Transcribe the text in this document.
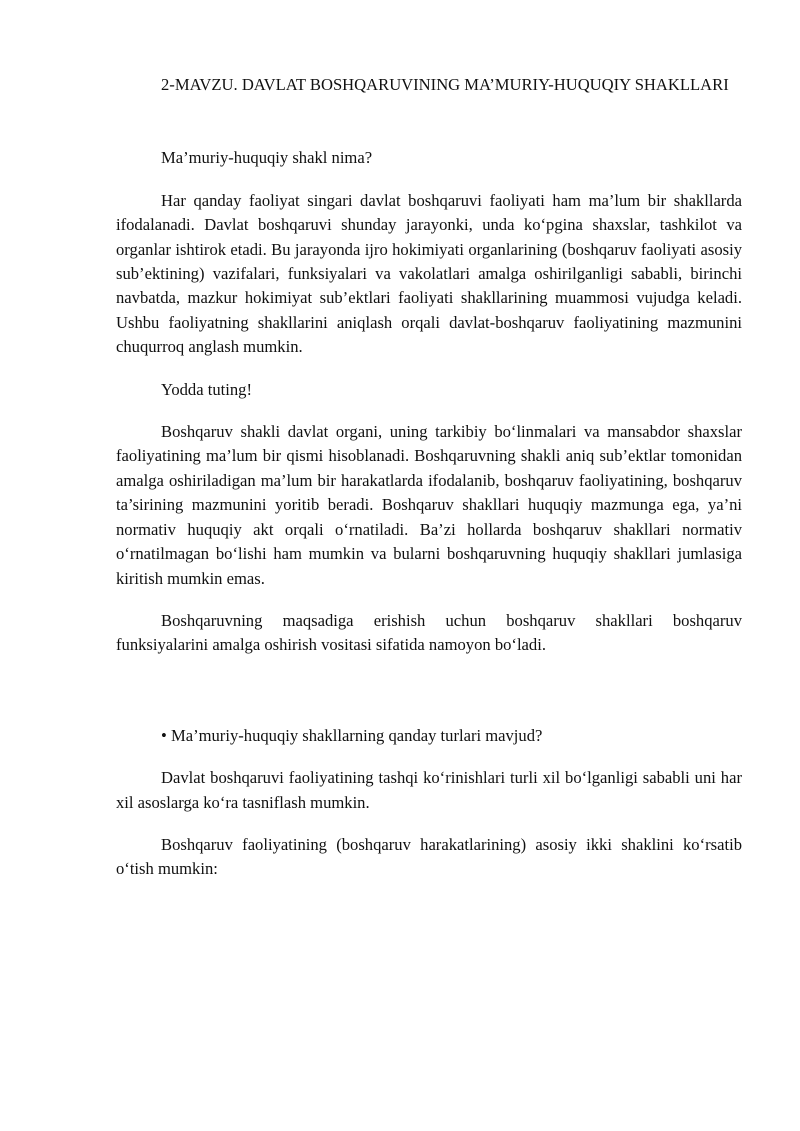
2-MAVZU. DAVLAT BOSHQARUVINING MA’MURIY-HUQUQIY SHAKLLARI

Ma’muriy-huquqiy shakl nima?

Har qanday faoliyat singari davlat boshqaruvi faoliyati ham ma’lum bir shakllarda ifodalanadi. Davlat boshqaruvi shunday jarayonki, unda ko‘pgina shaxslar, tashkilot va organlar ishtirok etadi. Bu jarayonda ijro hokimiyati organlarining (boshqaruv faoliyati asosiy sub’ektining) vazifalari, funksiyalari va vakolatlari amalga oshirilganligi sababli, birinchi navbatda, mazkur hokimiyat sub’ektlari faoliyati shakllarining muammosi vujudga keladi. Ushbu faoliyatning shakllarini aniqlash orqali davlat-boshqaruv faoliyatining mazmunini chuqurroq anglash mumkin.

Yodda tuting!

Boshqaruv shakli davlat organi, uning tarkibiy bo‘linmalari va mansabdor shaxslar faoliyatining ma’lum bir qismi hisoblanadi. Boshqaruvning shakli aniq sub’ektlar tomonidan amalga oshiriladigan ma’lum bir harakatlarda ifodalanib, boshqaruv faoliyatining, boshqaruv ta’sirining mazmunini yoritib beradi. Boshqaruv shakllari huquqiy mazmunga ega, ya’ni normativ huquqiy akt orqali o‘rnatiladi. Ba’zi hollarda boshqaruv shakllari normativ o‘rnatilmagan bo‘lishi ham mumkin va bularni boshqaruvning huquqiy shakllari jumlasiga kiritish mumkin emas.

Boshqaruvning maqsadiga erishish uchun boshqaruv shakllari boshqaruv funksiyalarini amalga oshirish vositasi sifatida namoyon bo‘ladi.

• Ma’muriy-huquqiy shakllarning qanday turlari mavjud?

Davlat boshqaruvi faoliyatining tashqi ko‘rinishlari turli xil bo‘lganligi sababli uni har xil asoslarga ko‘ra tasniflash mumkin.

Boshqaruv faoliyatining (boshqaruv harakatlarining) asosiy ikki shaklini ko‘rsatib o‘tish mumkin:
